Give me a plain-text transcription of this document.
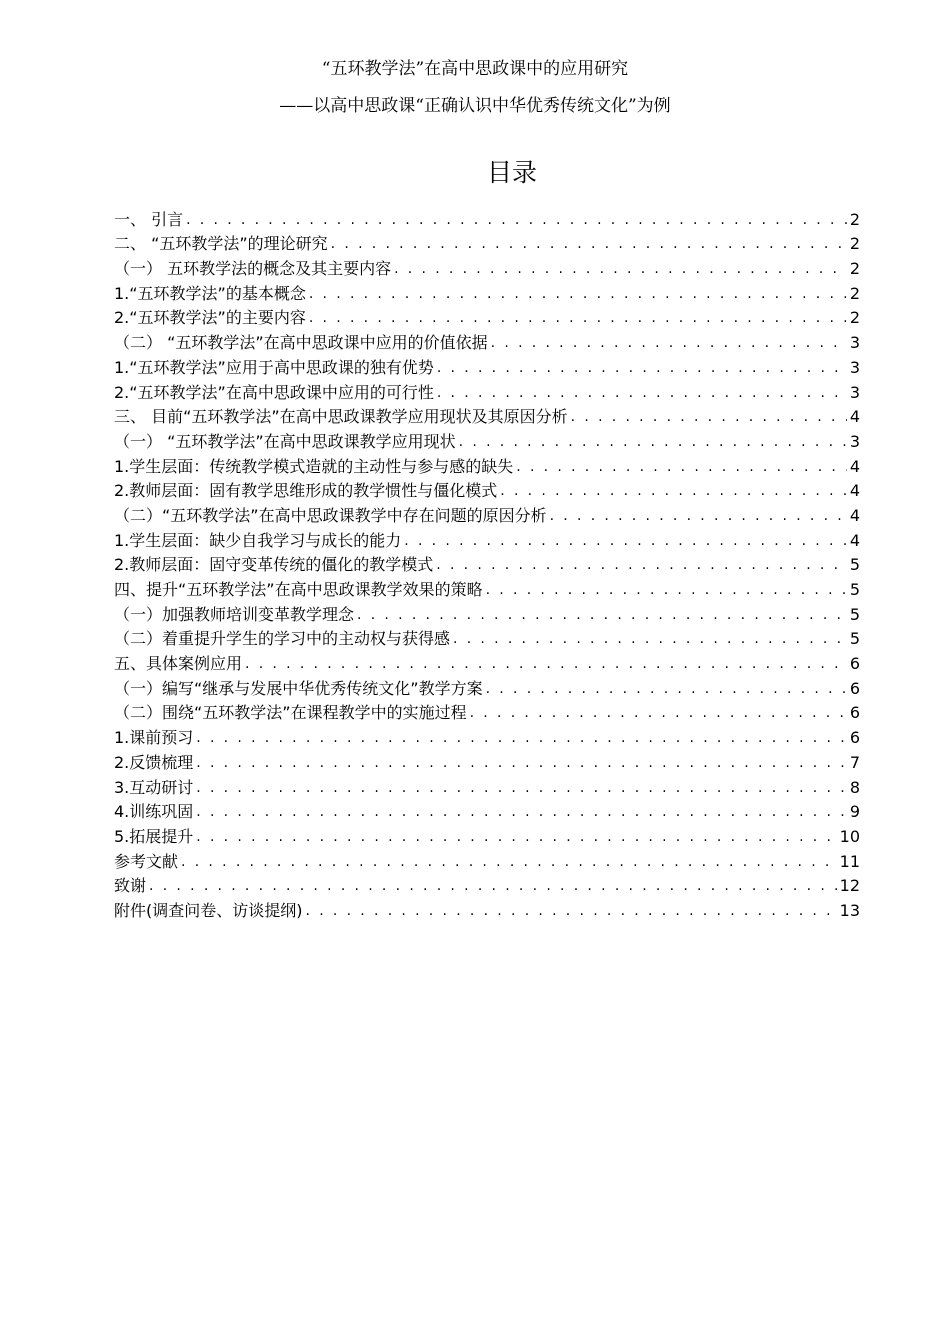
“五环教学法”在高中思政课中的应用研究
——以高中思政课“正确认识中华优秀传统文化”为例
目录
一、 引言 . . .	2
二、 “五环教学法”的理论研究 . . .	2
（一） 五环教学法的概念及其主要内容 . . .	2
1.“五环教学法”的基本概念 . . .	2
2.“五环教学法”的主要内容 . . .	2
（二） “五环教学法”在高中思政课中应用的价值依据 . . .	3
1.“五环教学法”应用于高中思政课的独有优势 . . .	3
2.“五环教学法”在高中思政课中应用的可行性 . . .	3
三、 目前“五环教学法”在高中思政课教学应用现状及其原因分析 . . .	4
（一） “五环教学法”在高中思政课教学应用现状 . . .	3
1.学生层面：传统教学模式造就的主动性与参与感的缺失 . . .	4
2.教师层面：固有教学思维形成的教学惯性与僵化模式 . . .	4
（二）“五环教学法”在高中思政课教学中存在问题的原因分析 . . .	4
1.学生层面：缺少自我学习与成长的能力 . . .	4
2.教师层面：固守变革传统的僵化的教学模式 . . .	5
四、提升“五环教学法”在高中思政课教学效果的策略 . . .	5
（一）加强教师培训变革教学理念 . . .	5
（二）着重提升学生的学习中的主动权与获得感 . . .	5
五、具体案例应用 . . .	6
（一）编写“继承与发展中华优秀传统文化”教学方案 . . .	6
（二）围绕“五环教学法”在课程教学中的实施过程 . . .	6
1.课前预习 . . .	6
2.反馈梳理 . . .	7
3.互动研讨 . . .	8
4.训练巩固 . . .	9
5.拓展提升 . . .	10
参考文献 . . .	11
致谢 . . .	12
附件(调查问卷、访谈提纲) . . .	13
